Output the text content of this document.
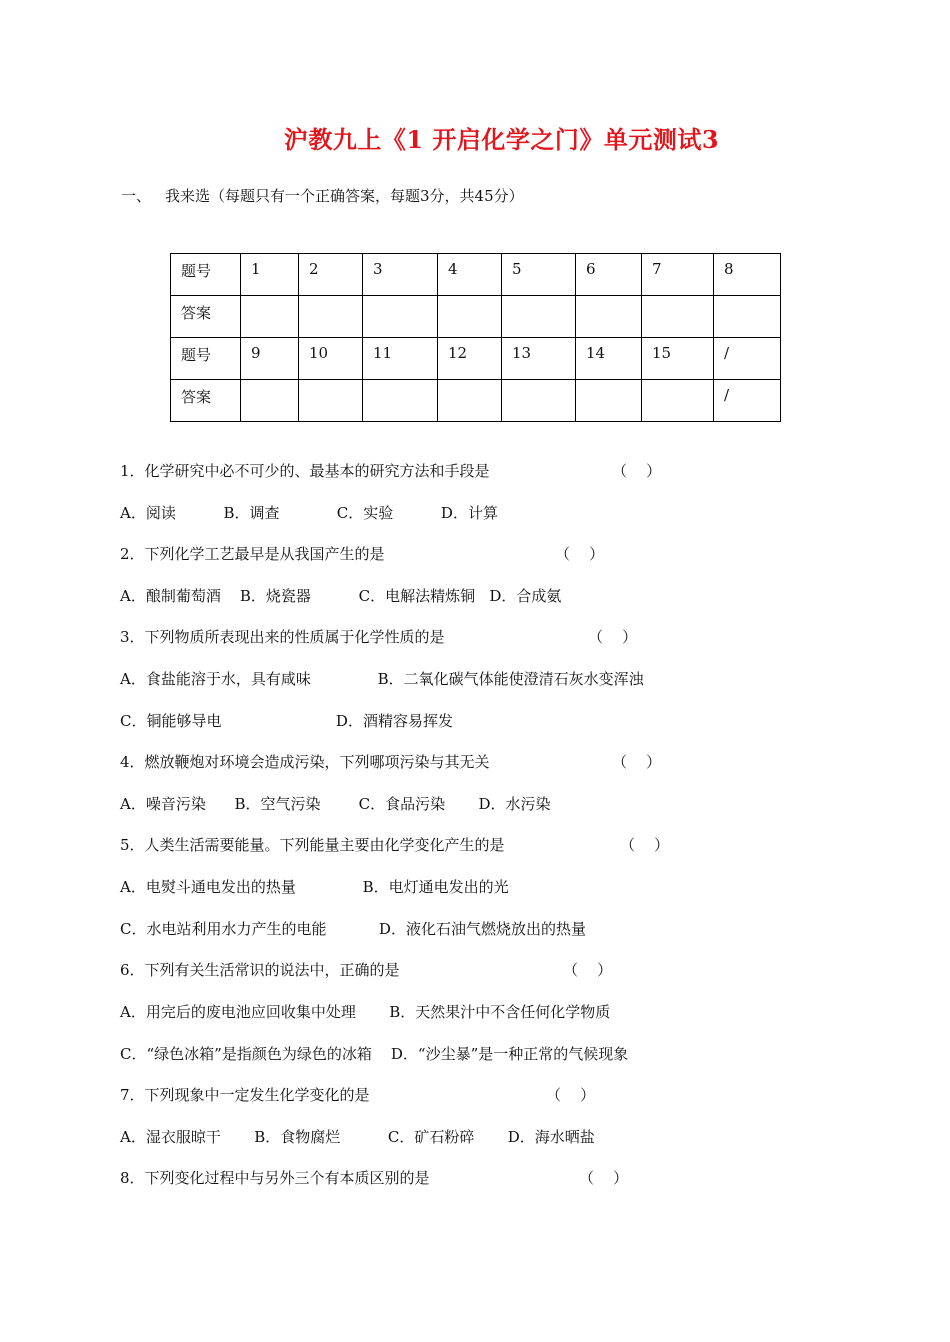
沪教九上《1 开启化学之门》单元测试3
一、 我来选（每题只有一个正确答案，每题3分，共45分）
题号	1	2	3	4	5	6	7	8
答案								
题号	9	10	11	12	13	14	15	/
答案								/
1．化学研究中必不可少的、最基本的研究方法和手段是	（    ）
A．阅读          B．调查            C．实验          D．计算
2．下列化学工艺最早是从我国产生的是	（    ）
A．酿制葡萄酒    B．烧瓷器          C．电解法精炼铜   D．合成氨
3．下列物质所表现出来的性质属于化学性质的是	（    ）
A．食盐能溶于水，具有咸味              B．二氧化碳气体能使澄清石灰水变浑浊
C．铜能够导电                        D．酒精容易挥发
4．燃放鞭炮对环境会造成污染，下列哪项污染与其无关	（    ）
A．噪音污染      B．空气污染        C．食品污染       D．水污染
5．人类生活需要能量。下列能量主要由化学变化产生的是	（    ）
A．电熨斗通电发出的热量              B．电灯通电发出的光
C．水电站利用水力产生的电能           D．液化石油气燃烧放出的热量
6．下列有关生活常识的说法中，正确的是	（    ）
A．用完后的废电池应回收集中处理       B．天然果汁中不含任何化学物质
C．“绿色冰箱”是指颜色为绿色的冰箱    D．“沙尘暴”是一种正常的气候现象
7．下列现象中一定发生化学变化的是	（    ）
A．湿衣服晾干       B．食物腐烂          C．矿石粉碎       D．海水晒盐
8．下列变化过程中与另外三个有本质区别的是	（    ）
